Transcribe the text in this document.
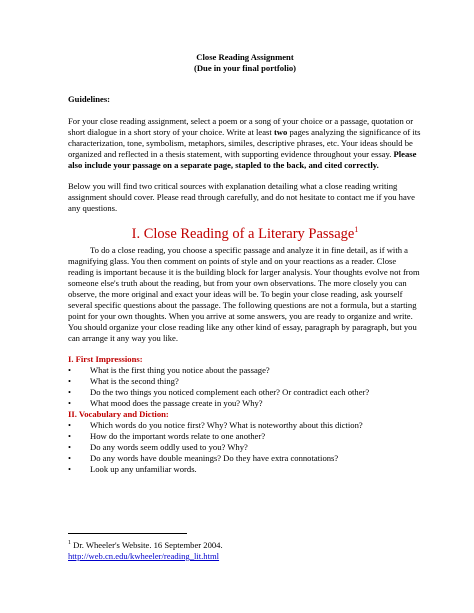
Close Reading Assignment
(Due in your final portfolio)
Guidelines:

For your close reading assignment, select a poem or a song of your choice or a passage, quotation or short dialogue in a short story of your choice. Write at least two pages analyzing the significance of its characterization, tone, symbolism, metaphors, similes, descriptive phrases, etc. Your ideas should be organized and reflected in a thesis statement, with supporting evidence throughout your essay. Please also include your passage on a separate page, stapled to the back, and cited correctly.

Below you will find two critical sources with explanation detailing what a close reading writing assignment should cover. Please read through carefully, and do not hesitate to contact me if you have any questions.

I. Close Reading of a Literary Passage$^1$

To do a close reading, you choose a specific passage and analyze it in fine detail, as if with a magnifying glass. You then comment on points of style and on your reactions as a reader. Close reading is important because it is the building block for larger analysis. Your thoughts evolve not from someone else's truth about the reading, but from your own observations. The more closely you can observe, the more original and exact your ideas will be. To begin your close reading, ask yourself several specific questions about the passage. The following questions are not a formula, but a starting point for your own thoughts. When you arrive at some answers, you are ready to organize and write. You should organize your close reading like any other kind of essay, paragraph by paragraph, but you can arrange it any way you like.

I. First Impressions:
• What is the first thing you notice about the passage?
• What is the second thing?
• Do the two things you noticed complement each other? Or contradict each other?
• What mood does the passage create in you? Why?
II. Vocabulary and Diction:
• Which words do you notice first? Why? What is noteworthy about this diction?
• How do the important words relate to one another?
• Do any words seem oddly used to you? Why?
• Do any words have double meanings? Do they have extra connotations?
• Look up any unfamiliar words.
$^1$ Dr. Wheeler's Website. 16 September 2004.
http://web.cn.edu/kwheeler/reading_lit.html
